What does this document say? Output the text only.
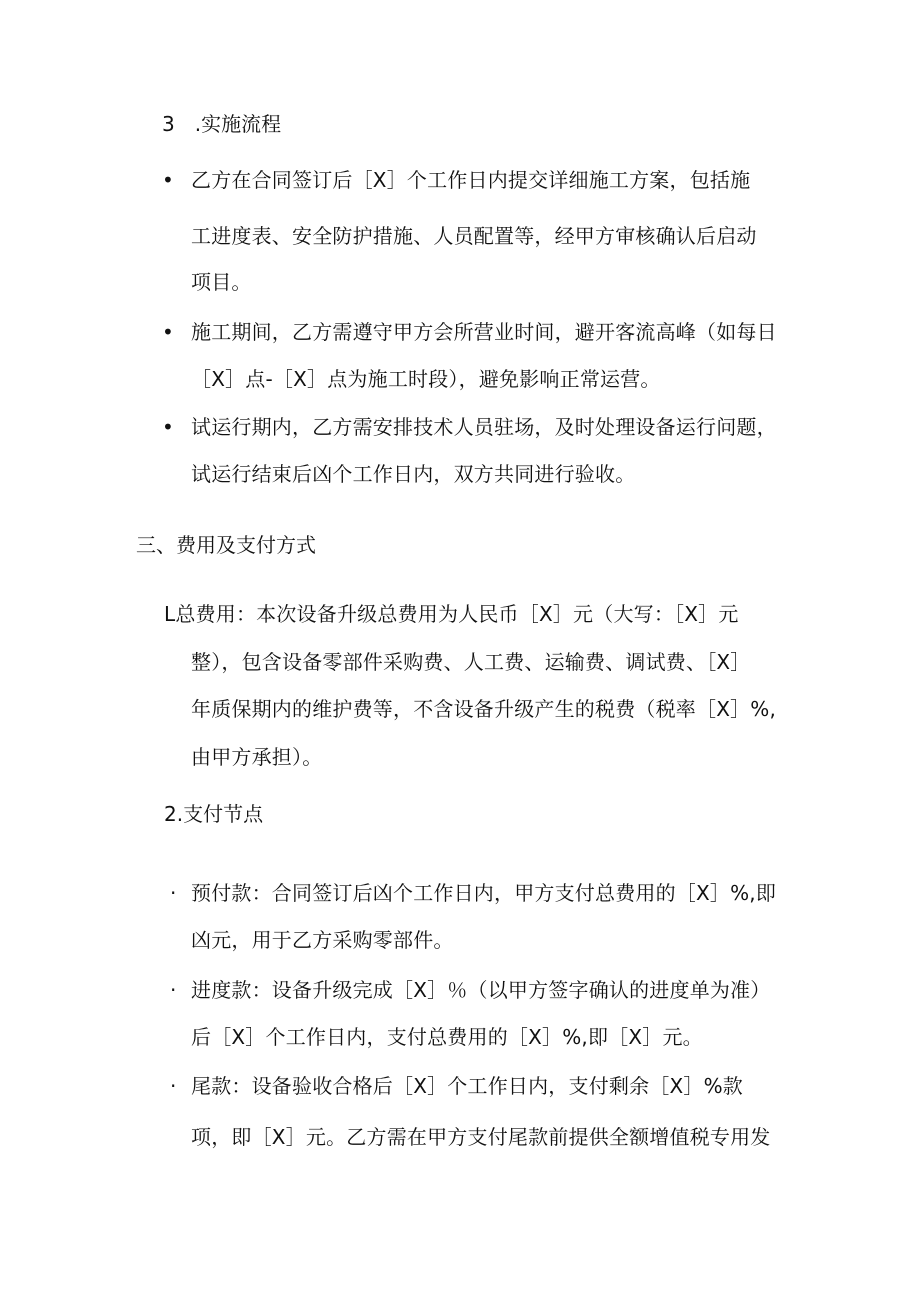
3　.实施流程
• 乙方在合同签订后［X］个工作日内提交详细施工方案，包括施
工进度表、安全防护措施、人员配置等，经甲方审核确认后启动
项目。
• 施工期间，乙方需遵守甲方会所营业时间，避开客流高峰（如每日
［X］点-［X］点为施工时段），避免影响正常运营。
• 试运行期内，乙方需安排技术人员驻场，及时处理设备运行问题，
试运行结束后凶个工作日内，双方共同进行验收。
三、费用及支付方式
L总费用：本次设备升级总费用为人民币［X］元（大写：［X］元
整），包含设备零部件采购费、人工费、运输费、调试费、［X］
年质保期内的维护费等，不含设备升级产生的税费（税率［X］%,
由甲方承担）。
2.支付节点
· 预付款：合同签订后凶个工作日内，甲方支付总费用的［X］%,即
凶元，用于乙方采购零部件。
· 进度款：设备升级完成［X］％（以甲方签字确认的进度单为准）
后［X］个工作日内，支付总费用的［X］%,即［X］元。
· 尾款：设备验收合格后［X］个工作日内，支付剩余［X］%款
项，即［X］元。乙方需在甲方支付尾款前提供全额增值税专用发
